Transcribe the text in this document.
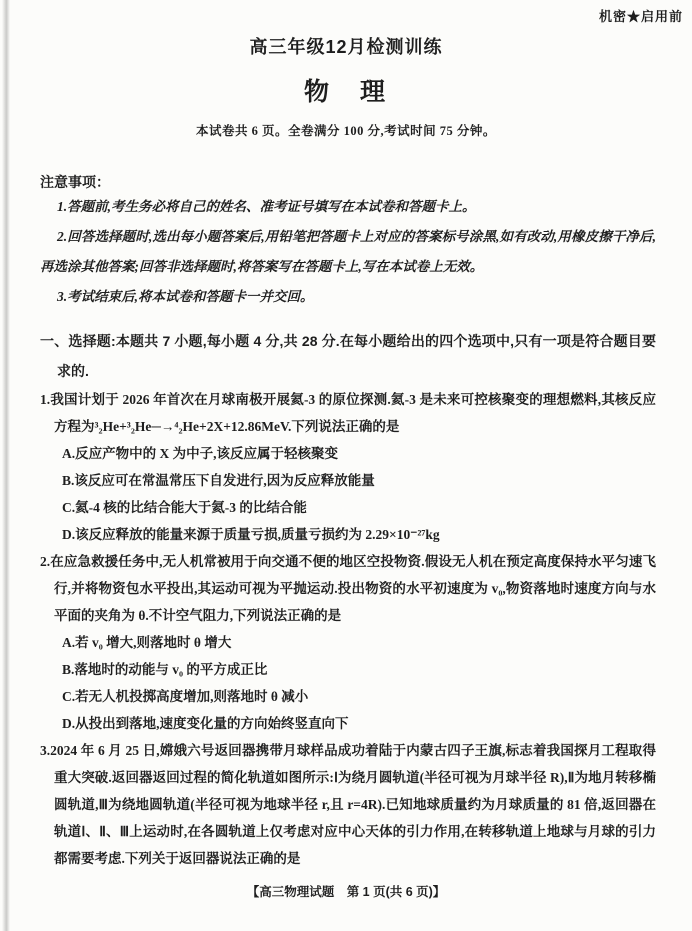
机密★启用前
高三年级12月检测训练
物　理
本试卷共 6 页。全卷满分 100 分,考试时间 75 分钟。
注意事项：

1.答题前,考生务必将自己的姓名、准考证号填写在本试卷和答题卡上。

2.回答选择题时,选出每小题答案后,用铅笔把答题卡上对应的答案标号涂黑,如有改动,用橡皮擦干净后,再选涂其他答案;回答非选择题时,将答案写在答题卡上,写在本试卷上无效。

3.考试结束后,将本试卷和答题卡一并交回。

一、选择题:本题共 7 小题,每小题 4 分,共 28 分.在每小题给出的四个选项中,只有一项是符合题目要求的.

1.我国计划于 2026 年首次在月球南极开展氦-3 的原位探测.氦-3 是未来可控核聚变的理想燃料,其核反应方程为³₂He+³₂He─→⁴₂He+2X+12.86MeV.下列说法正确的是

A.反应产物中的 X 为中子,该反应属于轻核聚变

B.该反应可在常温常压下自发进行,因为反应释放能量

C.氦-4 核的比结合能大于氦-3 的比结合能

D.该反应释放的能量来源于质量亏损,质量亏损约为 2.29×10⁻²⁷kg

2.在应急救援任务中,无人机常被用于向交通不便的地区空投物资.假设无人机在预定高度保持水平匀速飞行,并将物资包水平投出,其运动可视为平抛运动.投出物资的水平初速度为 v₀,物资落地时速度方向与水平面的夹角为 θ.不计空气阻力,下列说法正确的是

A.若 v₀ 增大,则落地时 θ 增大

B.落地时的动能与 v₀ 的平方成正比

C.若无人机投掷高度增加,则落地时 θ 减小

D.从投出到落地,速度变化量的方向始终竖直向下

3.2024 年 6 月 25 日,嫦娥六号返回器携带月球样品成功着陆于内蒙古四子王旗,标志着我国探月工程取得重大突破.返回器返回过程的简化轨道如图所示:Ⅰ为绕月圆轨道(半径可视为月球半径 R),Ⅱ为地月转移椭圆轨道,Ⅲ为绕地圆轨道(半径可视为地球半径 r,且 r=4R).已知地球质量约为月球质量的 81 倍,返回器在轨道Ⅰ、Ⅱ、Ⅲ上运动时,在各圆轨道上仅考虑对应中心天体的引力作用,在转移轨道上地球与月球的引力都需要考虑.下列关于返回器说法正确的是

【高三物理试题　第 1 页(共 6 页)】
